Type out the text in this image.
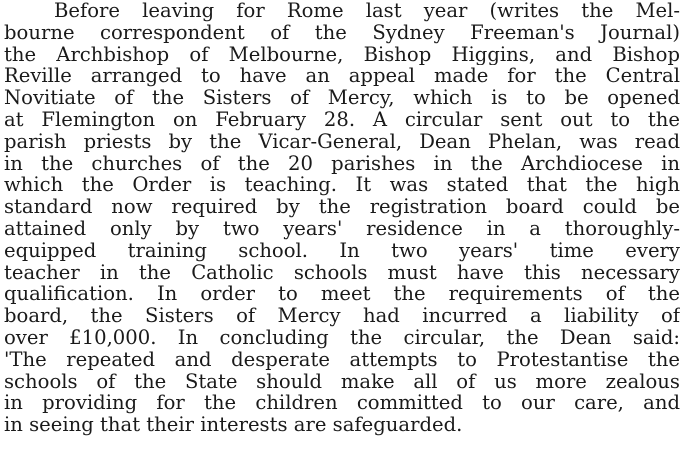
Before leaving for Rome last year (writes the Mel-
bourne correspondent of the Sydney Freeman's Journal)
the Archbishop of Melbourne, Bishop Higgins, and Bishop
Reville arranged to have an appeal made for the Central
Novitiate of the Sisters of Mercy, which is to be opened
at Flemington on February 28. A circular sent out to the
parish priests by the Vicar-General, Dean Phelan, was read
in the churches of the 20 parishes in the Archdiocese in
which the Order is teaching. It was stated that the high
standard now required by the registration board could be
attained only by two years' residence in a thoroughly-
equipped training school. In two years' time every
teacher in the Catholic schools must have this necessary
qualification. In order to meet the requirements of the
board, the Sisters of Mercy had incurred a liability of
over £10,000. In concluding the circular, the Dean said:
'The repeated and desperate attempts to Protestantise the
schools of the State should make all of us more zealous
in providing for the children committed to our care, and
in seeing that their interests are safeguarded.
